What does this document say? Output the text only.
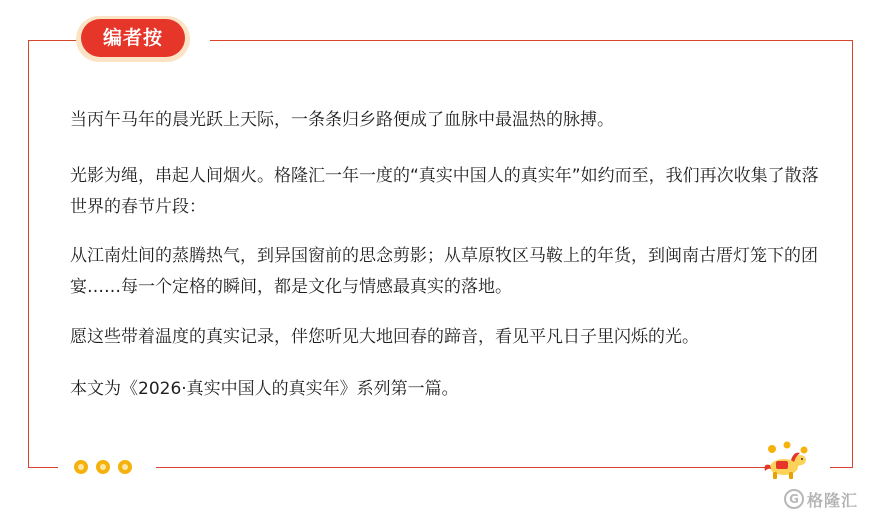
编者按

当丙午马年的晨光跃上天际，一条条归乡路便成了血脉中最温热的脉搏。

光影为绳，串起人间烟火。格隆汇一年一度的“真实中国人的真实年”如约而至，我们再次收集了散落世界的春节片段：

从江南灶间的蒸腾热气，到异国窗前的思念剪影；从草原牧区马鞍上的年货，到闽南古厝灯笼下的团宴……每一个定格的瞬间，都是文化与情感最真实的落地。

愿这些带着温度的真实记录，伴您听见大地回春的蹄音，看见平凡日子里闪烁的光。

本文为《2026·真实中国人的真实年》系列第一篇。

G 格隆汇
